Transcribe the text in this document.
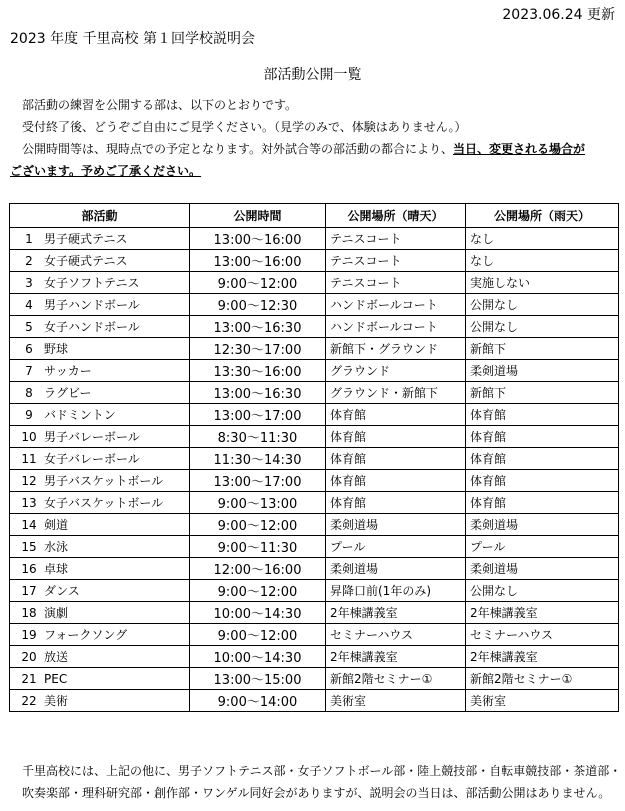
2023.06.24 更新
2023 年度 千里高校 第１回学校説明会
部活動公開一覧

部活動の練習を公開する部は、以下のとおりです。

受付終了後、どうぞご自由にご見学ください。（見学のみで、体験はありません。）

公開時間等は、現時点での予定となります。対外試合等の部活動の都合により、当日、変更される場合が

ございます。予めご了承ください。

部活動	公開時間	公開場所（晴天）	公開場所（雨天）
1 男子硬式テニス	13:00～16:00	テニスコート	なし
2 女子硬式テニス	13:00～16:00	テニスコート	なし
3 女子ソフトテニス	9:00～12:00	テニスコート	実施しない
4 男子ハンドボール	9:00～12:30	ハンドボールコート	公開なし
5 女子ハンドボール	13:00～16:30	ハンドボールコート	公開なし
6 野球	12:30～17:00	新館下・グラウンド	新館下
7 サッカー	13:30～16:00	グラウンド	柔剣道場
8 ラグビー	13:00～16:30	グラウンド・新館下	新館下
9 バドミントン	13:00～17:00	体育館	体育館
10 男子バレーボール	8:30～11:30	体育館	体育館
11 女子バレーボール	11:30～14:30	体育館	体育館
12 男子バスケットボール	13:00～17:00	体育館	体育館
13 女子バスケットボール	9:00～13:00	体育館	体育館
14 剣道	9:00～12:00	柔剣道場	柔剣道場
15 水泳	9:00～11:30	プール	プール
16 卓球	12:00～16:00	柔剣道場	柔剣道場
17 ダンス	9:00～12:00	昇降口前(1年のみ)	公開なし
18 演劇	10:00～14:30	2年棟講義室	2年棟講義室
19 フォークソング	9:00～12:00	セミナーハウス	セミナーハウス
20 放送	10:00～14:30	2年棟講義室	2年棟講義室
21 PEC	13:00～15:00	新館2階セミナー①	新館2階セミナー①
22 美術	9:00～14:00	美術室	美術室

千里高校には、上記の他に、男子ソフトテニス部・女子ソフトボール部・陸上競技部・自転車競技部・茶道部・

吹奏楽部・理科研究部・創作部・ワンゲル同好会がありますが、説明会の当日は、部活動公開はありません。
